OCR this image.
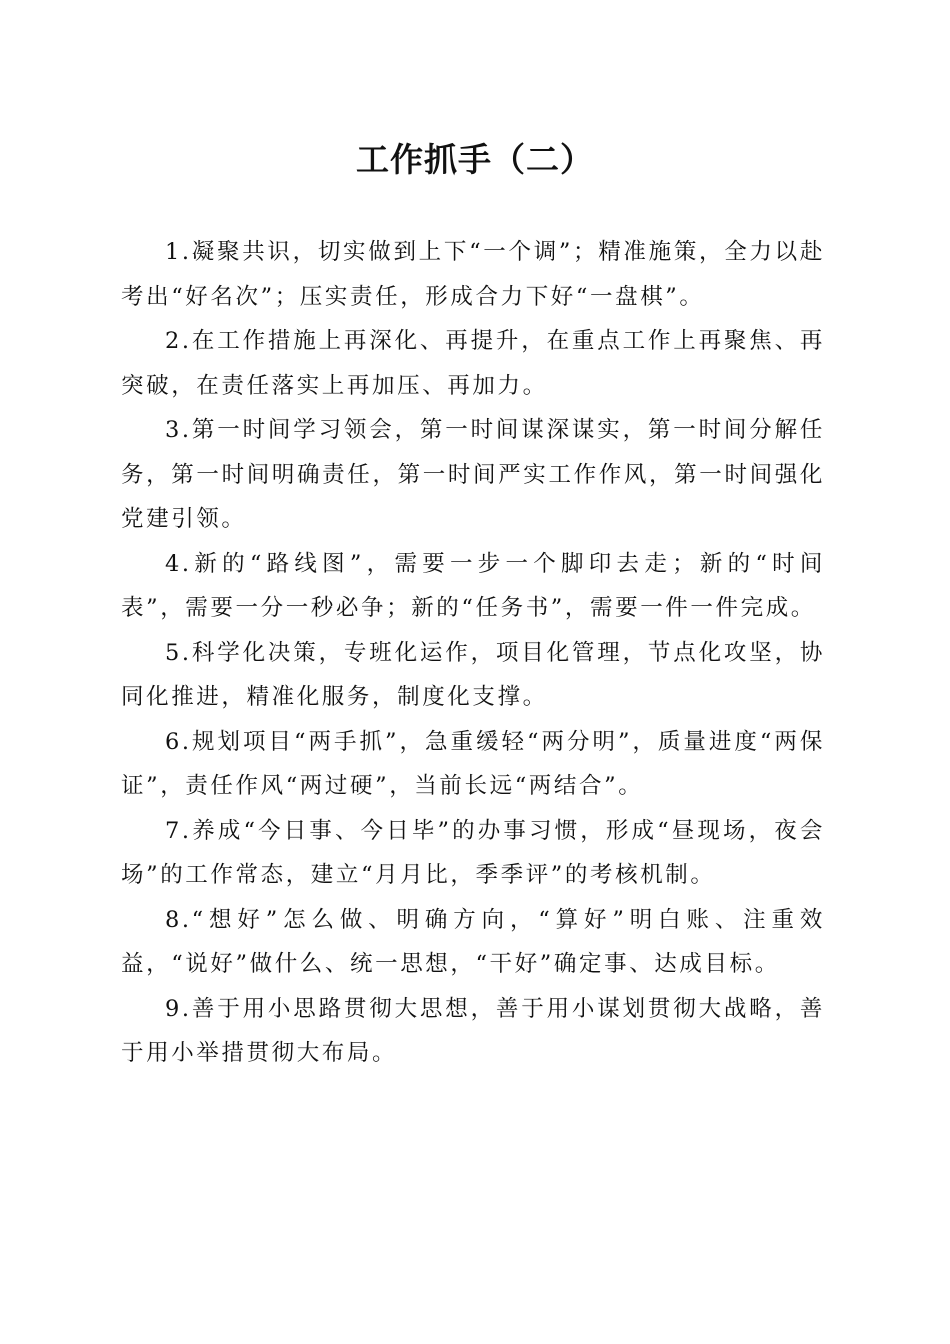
工作抓手（二）

1.凝聚共识，切实做到上下“一个调”；精准施策，全力以赴考出“好名次”；压实责任，形成合力下好“一盘棋”。

2.在工作措施上再深化、再提升，在重点工作上再聚焦、再突破，在责任落实上再加压、再加力。

3.第一时间学习领会，第一时间谋深谋实，第一时间分解任务，第一时间明确责任，第一时间严实工作作风，第一时间强化党建引领。

4.新的“路线图”，需要一步一个脚印去走；新的“时间表”，需要一分一秒必争；新的“任务书”，需要一件一件完成。

5.科学化决策，专班化运作，项目化管理，节点化攻坚，协同化推进，精准化服务，制度化支撑。

6.规划项目“两手抓”，急重缓轻“两分明”，质量进度“两保证”，责任作风“两过硬”，当前长远“两结合”。

7.养成“今日事、今日毕”的办事习惯，形成“昼现场，夜会场”的工作常态，建立“月月比，季季评”的考核机制。

8.“想好”怎么做、明确方向，“算好”明白账、注重效益，“说好”做什么、统一思想，“干好”确定事、达成目标。

9.善于用小思路贯彻大思想，善于用小谋划贯彻大战略，善于用小举措贯彻大布局。
